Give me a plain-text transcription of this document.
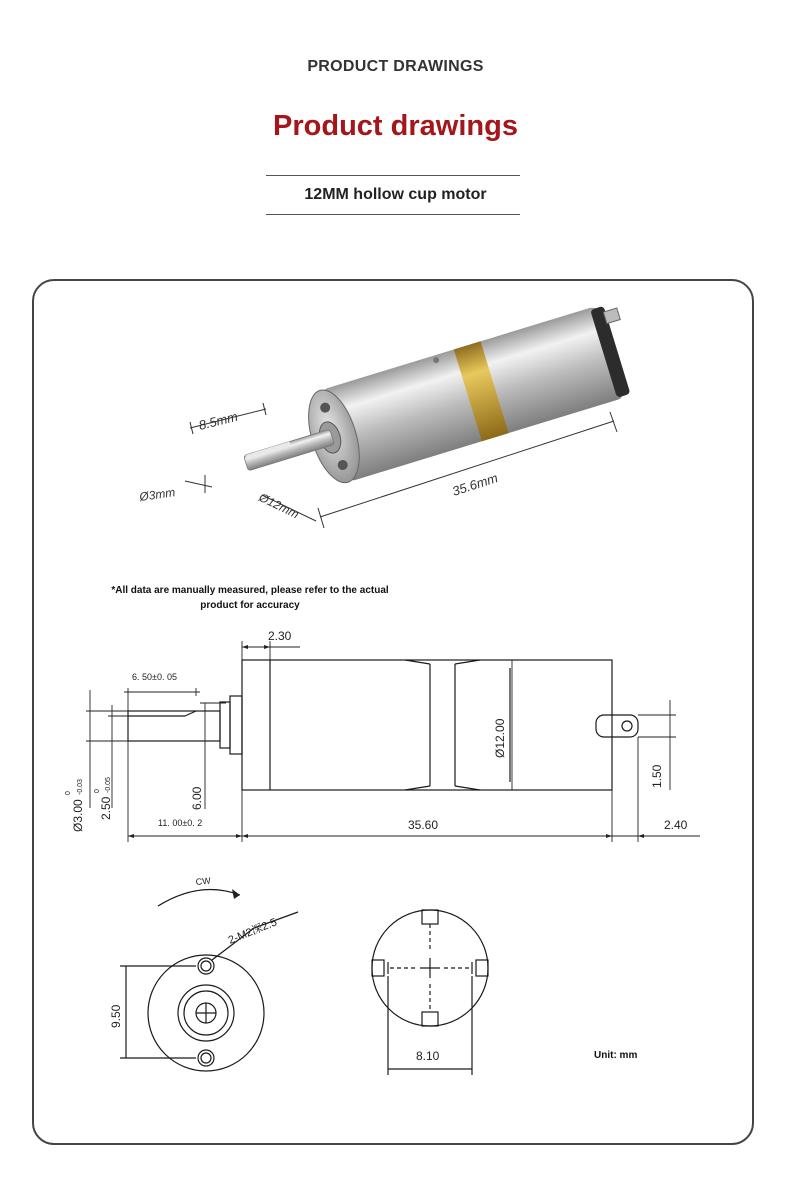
PRODUCT DRAWINGS
Product drawings
12MM hollow cup motor
8.5mm
Ø3mm	Ø12mm
35.6mm
2.30
6. 50±0. 05
Ø12.00
1.50
6.00
Ø3.00
0 -0.03
2.50
0 -0.05
11. 00±0. 2	35.60	2.40
CW
2-M2深2.5
9.50
8.10
*All data are manually measured, please refer to the actual product for accuracy
Unit: mm
